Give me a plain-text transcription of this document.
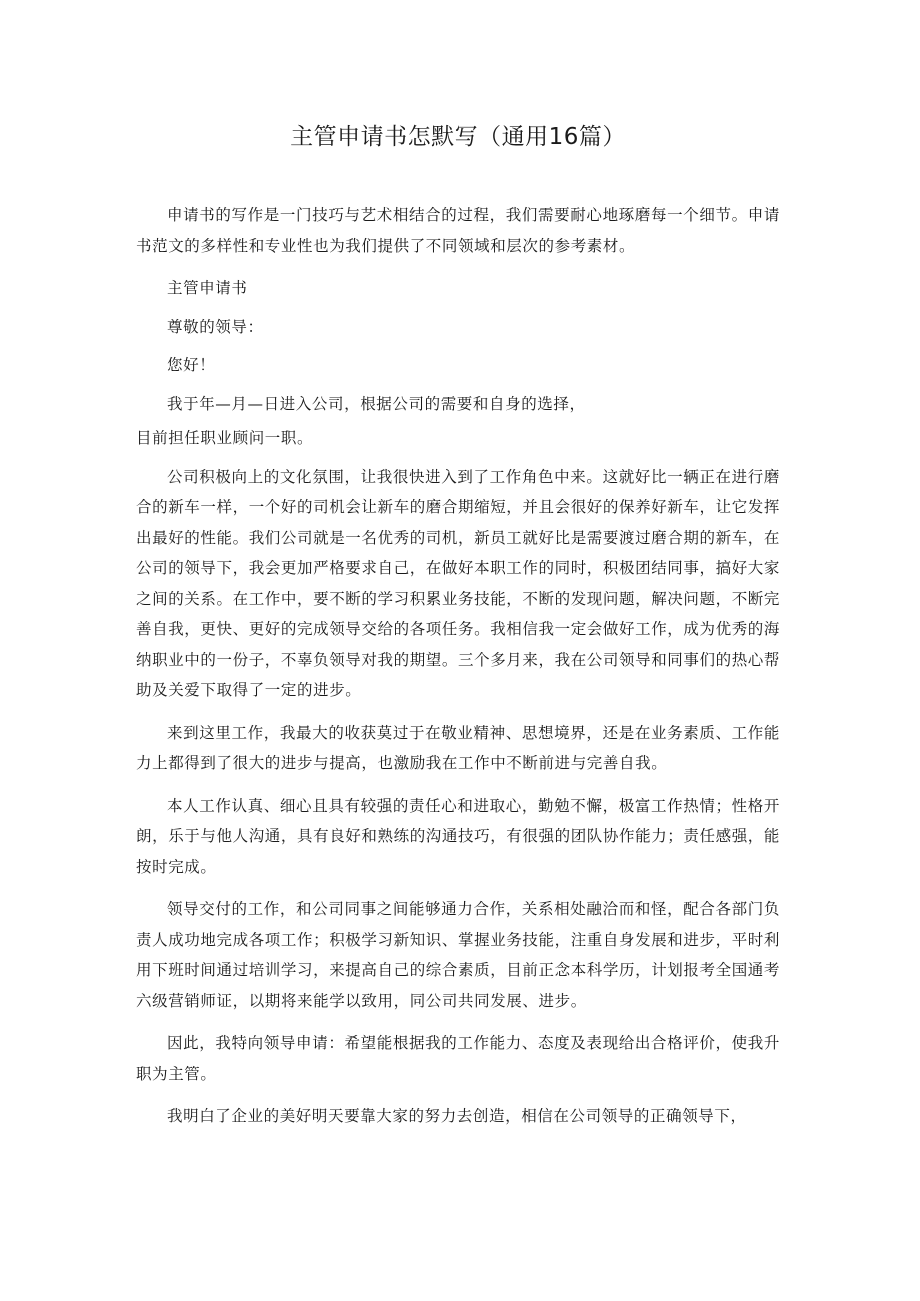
主管申请书怎默写（通用16篇）

申请书的写作是一门技巧与艺术相结合的过程，我们需要耐心地琢磨每一个细节。申请书范文的多样性和专业性也为我们提供了不同领域和层次的参考素材。

主管申请书

尊敬的领导：

您好！

我于年—月—日进入公司，根据公司的需要和自身的选择，

目前担任职业顾问一职。

公司积极向上的文化氛围，让我很快进入到了工作角色中来。这就好比一辆正在进行磨合的新车一样，一个好的司机会让新车的磨合期缩短，并且会很好的保养好新车，让它发挥出最好的性能。我们公司就是一名优秀的司机，新员工就好比是需要渡过磨合期的新车，在公司的领导下，我会更加严格要求自己，在做好本职工作的同时，积极团结同事，搞好大家之间的关系。在工作中，要不断的学习积累业务技能，不断的发现问题，解决问题，不断完善自我，更快、更好的完成领导交给的各项任务。我相信我一定会做好工作，成为优秀的海纳职业中的一份子，不辜负领导对我的期望。三个多月来，我在公司领导和同事们的热心帮助及关爱下取得了一定的进步。

来到这里工作，我最大的收获莫过于在敬业精神、思想境界，还是在业务素质、工作能力上都得到了很大的进步与提高，也激励我在工作中不断前进与完善自我。

本人工作认真、细心且具有较强的责任心和进取心，勤勉不懈，极富工作热情；性格开朗，乐于与他人沟通，具有良好和熟练的沟通技巧，有很强的团队协作能力；责任感强，能按时完成。

领导交付的工作，和公司同事之间能够通力合作，关系相处融洽而和怪，配合各部门负责人成功地完成各项工作；积极学习新知识、掌握业务技能，注重自身发展和进步，平时利用下班时间通过培训学习，来提高自己的综合素质，目前正念本科学历，计划报考全国通考六级营销师证，以期将来能学以致用，同公司共同发展、进步。

因此，我特向领导申请：希望能根据我的工作能力、态度及表现给出合格评价，使我升职为主管。

我明白了企业的美好明天要靠大家的努力去创造，相信在公司领导的正确领导下，
